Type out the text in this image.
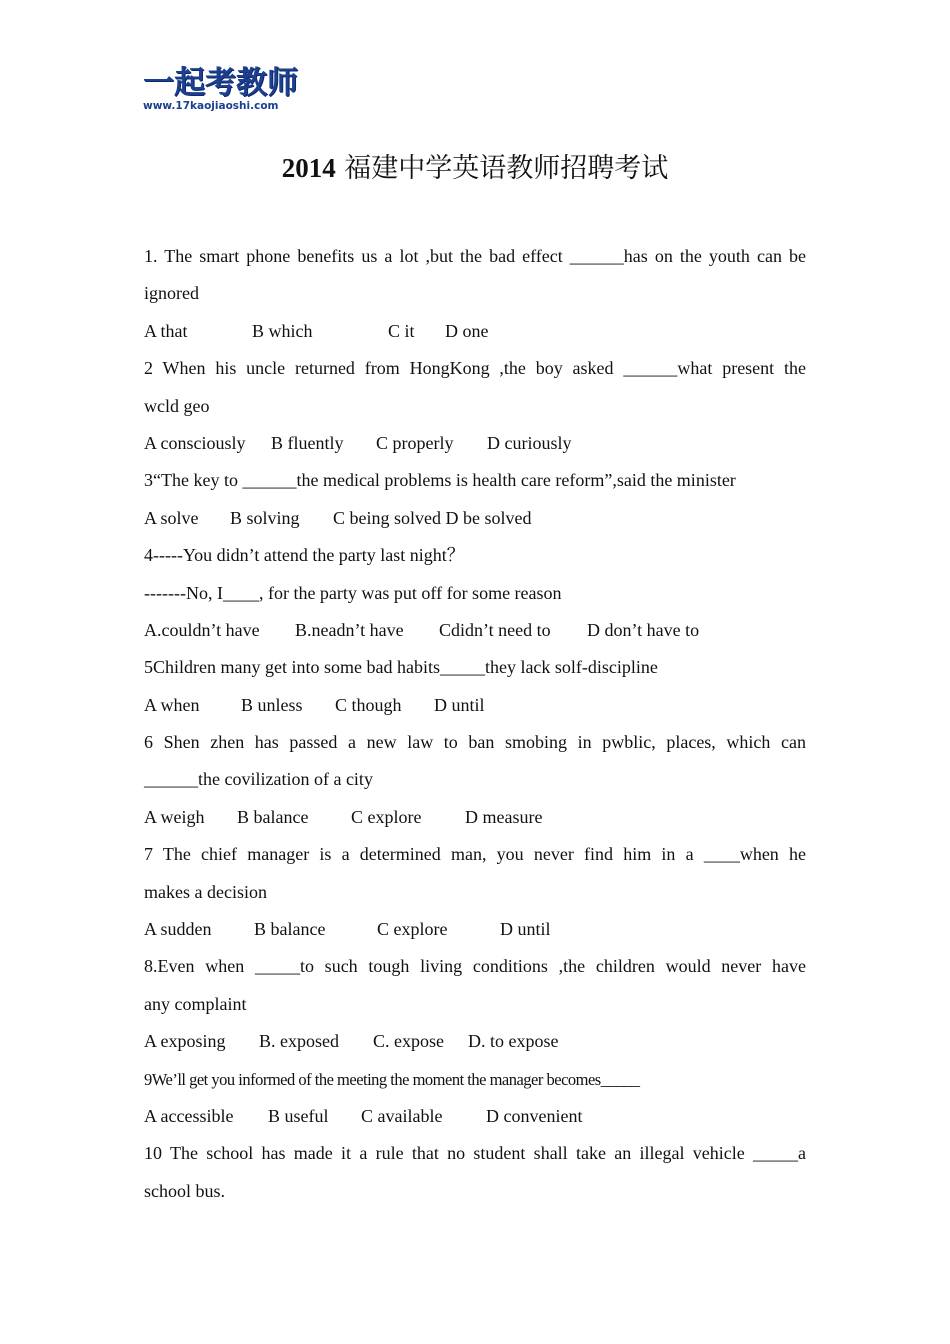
一起考教师
www.17kaojiaoshi.com
2014 福建中学英语教师招聘考试
1. The smart phone benefits us a lot ,but the bad effect ______has on the youth can be
ignored
A that	B which	C it D one
2 When his uncle returned from HongKong ,the boy asked ______what present the
wcld geo
A consciously B fluently C properly D curiously
3“The key to ______the medical problems is health care reform”,said the minister
A solve B solving C being solved D be solved
4-----You didn’t attend the party last night？
-------No, I____, for the party was put off for some reason
A.couldn’t have B.neadn’t have Cdidn’t need to D don’t have to
5Children many get into some bad habits_____they lack solf-discipline
A when B unless C though D until
6 Shen zhen has passed a new law to ban smobing in pwblic, places, which can
______the covilization of a city
A weigh B balance C explore D measure
7 The chief manager is a determined man, you never find him in a ____when he
makes a decision
A sudden B balance	C explore	D until
8.Even when _____to such tough living conditions ,the children would never have
any complaint
A exposing B. exposed C. expose D. to expose
9We’ll get you informed of the meeting the moment the manager becomes_____
A accessible B useful C available D convenient
10 The school has made it a rule that no student shall take an illegal vehicle _____a
school bus.
